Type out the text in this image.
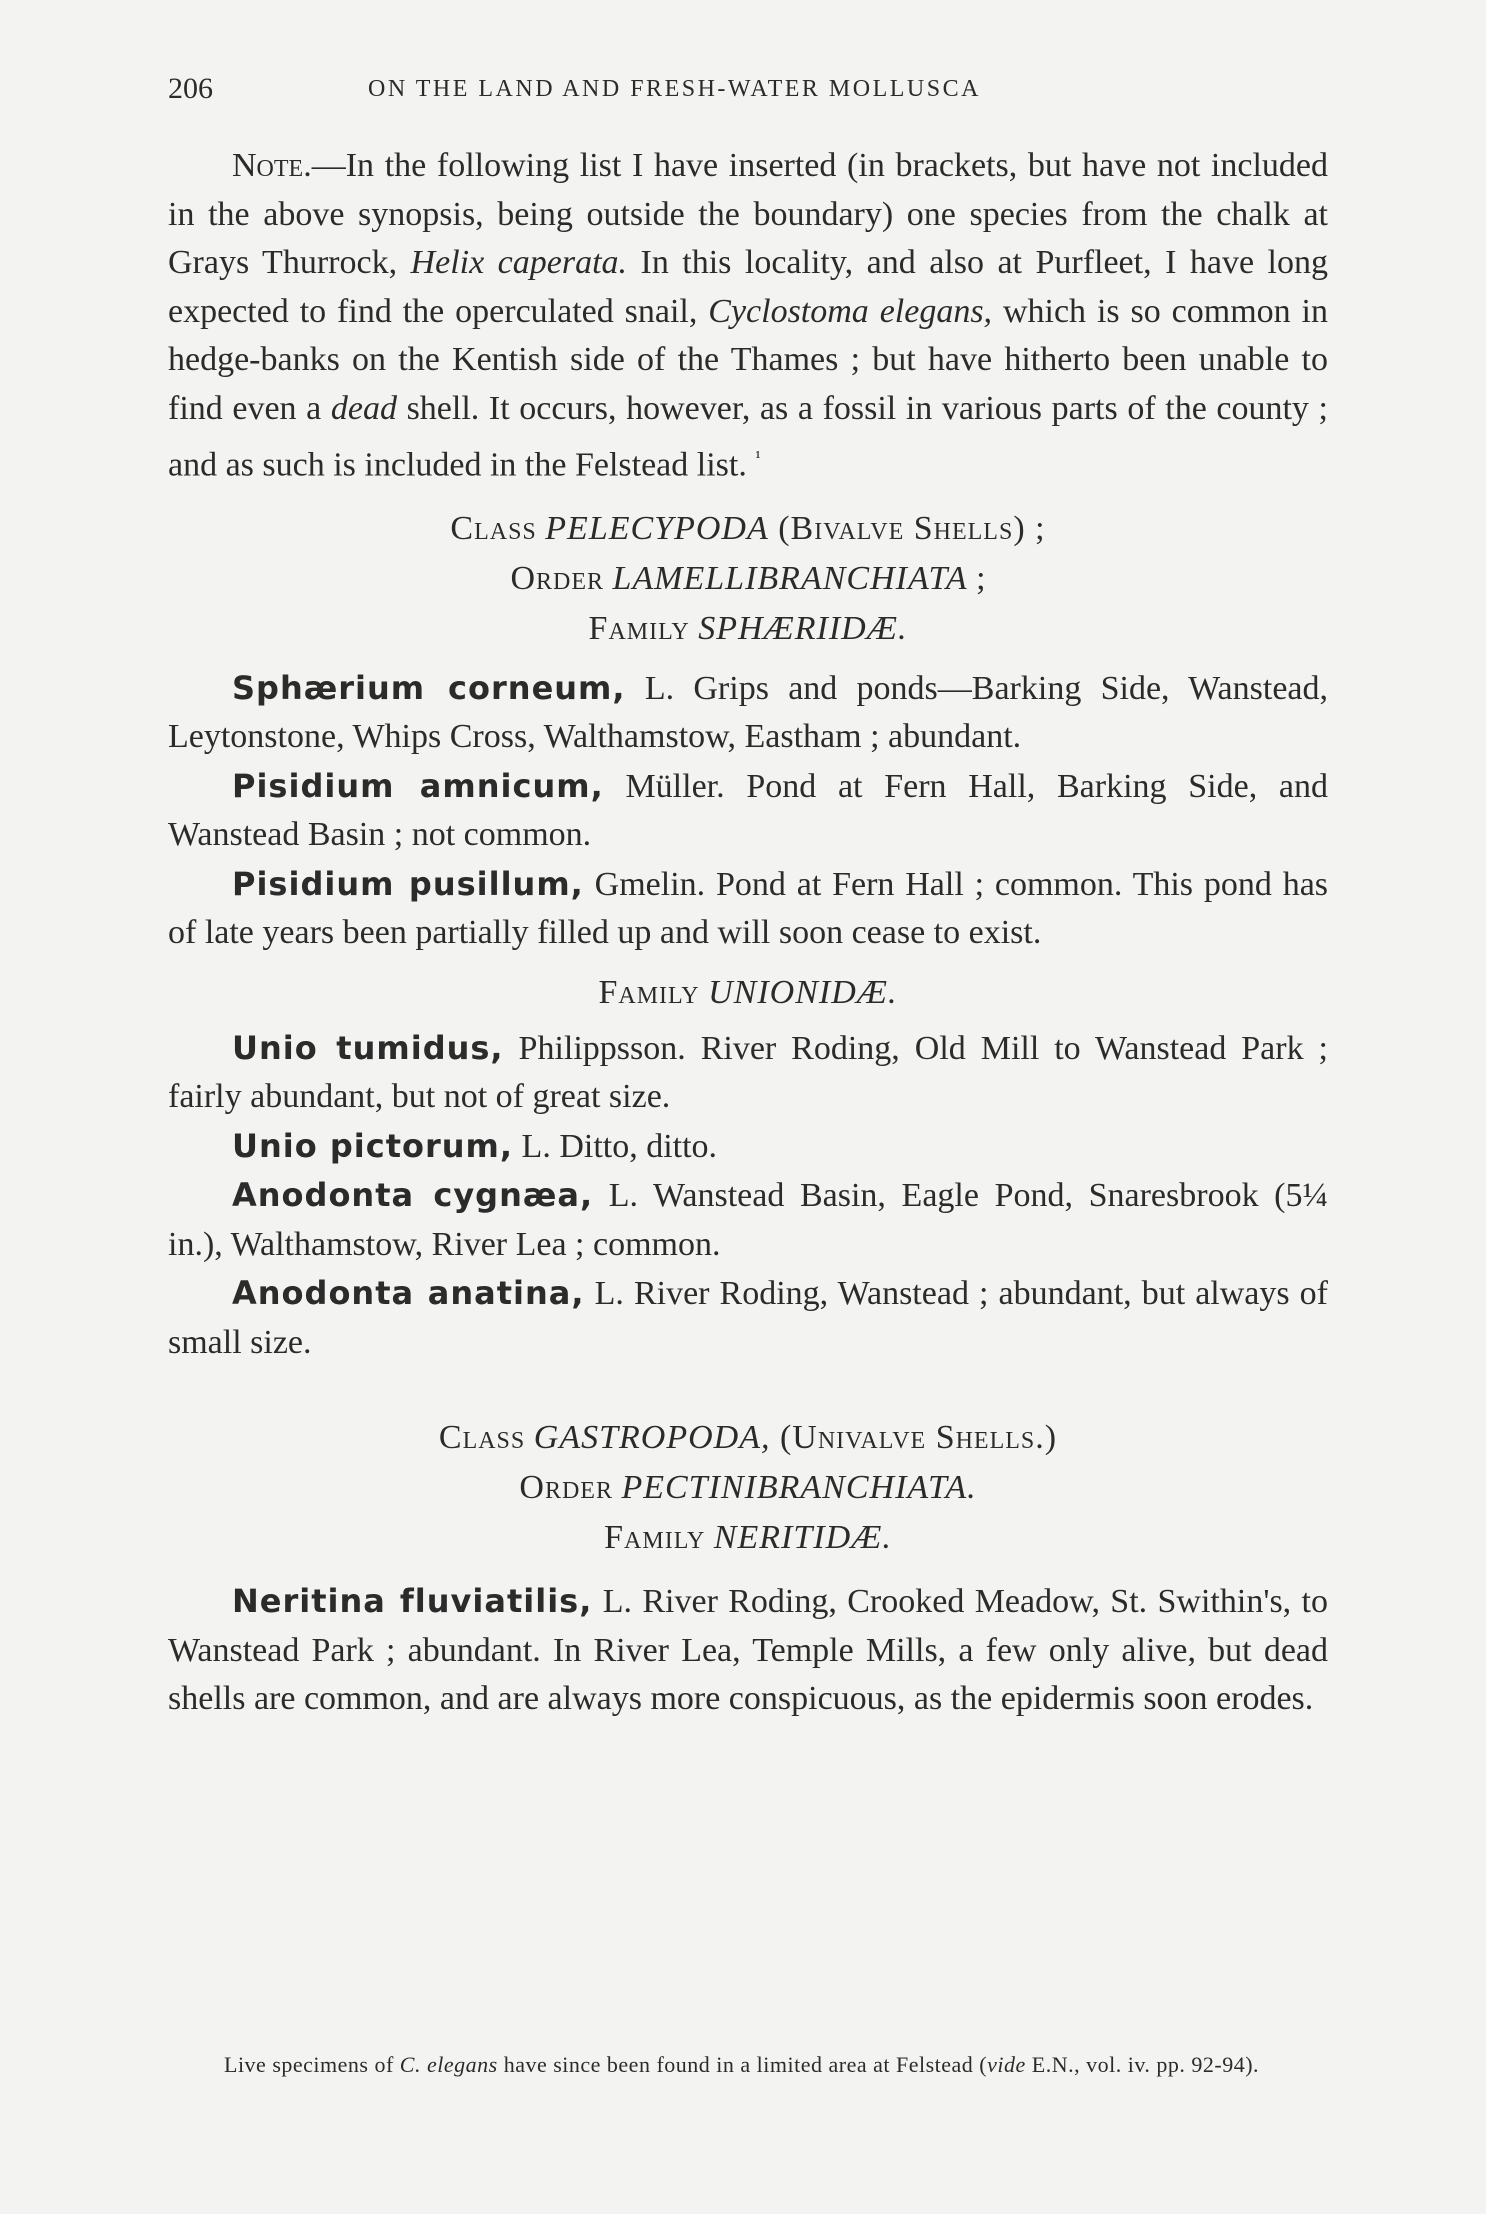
206	ON THE LAND AND FRESH-WATER MOLLUSCA

Note.—In the following list I have inserted (in brackets, but have not included in the above synopsis, being outside the boundary) one species from the chalk at Grays Thurrock, Helix caperata. In this locality, and also at Purfleet, I have long expected to find the operculated snail, Cyclostoma elegans, which is so common in hedge-banks on the Kentish side of the Thames ; but have hitherto been unable to find even a dead shell. It occurs, however, as a fossil in various parts of the county ; and as such is included in the Felstead list. $^{^1}$

Class PELECYPODA (Bivalve Shells) ;

Order LAMELLIBRANCHIATA ;

Family SPHÆRIIDÆ.

Sphærium corneum, L. Grips and ponds—Barking Side, Wanstead, Leytonstone, Whips Cross, Walthamstow, Eastham ; abundant.

Pisidium amnicum, Müller. Pond at Fern Hall, Barking Side, and Wanstead Basin ; not common.

Pisidium pusillum, Gmelin. Pond at Fern Hall ; common. This pond has of late years been partially filled up and will soon cease to exist.

Family UNIONIDÆ.

Unio tumidus, Philippsson. River Roding, Old Mill to Wanstead Park ; fairly abundant, but not of great size.

Unio pictorum, L. Ditto, ditto.

Anodonta cygnæa, L. Wanstead Basin, Eagle Pond, Snaresbrook (5¼ in.), Walthamstow, River Lea ; common.

Anodonta anatina, L. River Roding, Wanstead ; abundant, but always of small size.

Class GASTROPODA, (Univalve Shells.)

Order PECTINIBRANCHIATA.

Family NERITIDÆ.

Neritina fluviatilis, L. River Roding, Crooked Meadow, St. Swithin's, to Wanstead Park ; abundant. In River Lea, Temple Mills, a few only alive, but dead shells are common, and are always more conspicuous, as the epidermis soon erodes.

Live specimens of C. elegans have since been found in a limited area at Felstead (vide E.N., vol. iv. pp. 92-94).
